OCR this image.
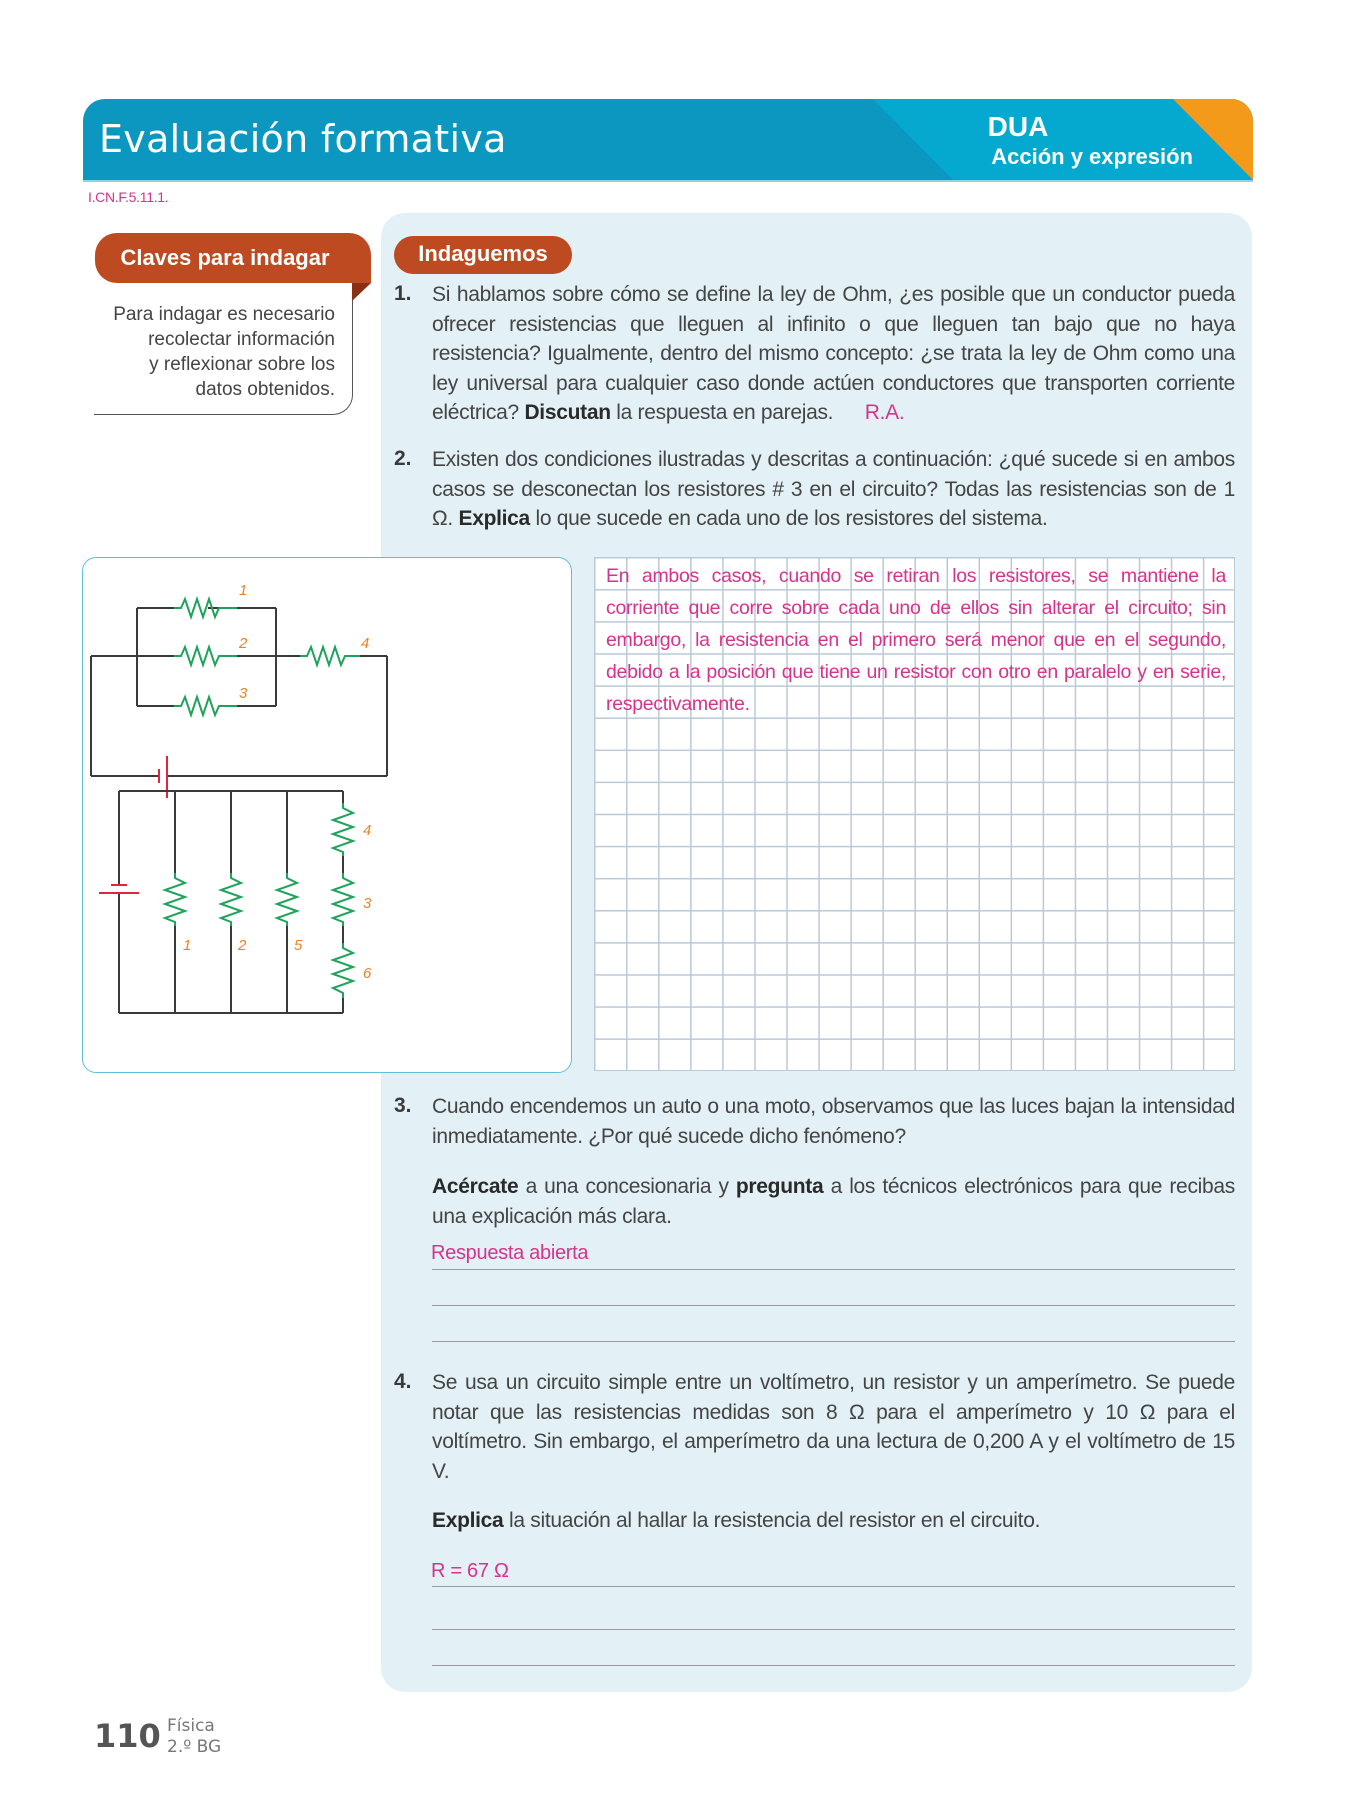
Evaluación formativa	DUA
Acción y expresión
I.CN.F.5.11.1.
Claves para indagar
Para indagar es necesario
recolectar información
y reflexionar sobre los
datos obtenidos.
Indaguemos
1. Si hablamos sobre cómo se define la ley de Ohm, ¿es posible que un conductor pueda ofrecer resistencias que lleguen al infinito o que lleguen tan bajo que no haya resistencia? Igualmente, dentro del mismo concepto: ¿se trata la ley de Ohm como una ley universal para cualquier caso donde actúen conductores que transporten corriente eléctrica? Discutan la respuesta en parejas. R.A.
2. Existen dos condiciones ilustradas y descritas a continuación: ¿qué sucede si en ambos casos se desconectan los resistores # 3 en el circuito? Todas las resistencias son de 1 Ω. Explica lo que sucede en cada uno de los resistores del sistema.
1
2
3
4
1	2	5
4
3
6
En ambos casos, cuando se retiran los resistores, se mantiene la corriente que corre sobre cada uno de ellos sin alterar el circuito; sin embargo, la resistencia en el primero será menor que en el segundo, debido a la posición que tiene un resistor con otro en paralelo y en serie, respectivamente.
3. Cuando encendemos un auto o una moto, observamos que las luces bajan la intensidad inmediatamente. ¿Por qué sucede dicho fenómeno?
Acércate a una concesionaria y pregunta a los técnicos electrónicos para que recibas una explicación más clara.
Respuesta abierta
4. Se usa un circuito simple entre un voltímetro, un resistor y un amperímetro. Se puede notar que las resistencias medidas son 8 Ω para el amperímetro y 10 Ω para el voltímetro. Sin embargo, el amperímetro da una lectura de 0,200 A y el voltímetro de 15 V.
Explica la situación al hallar la resistencia del resistor en el circuito.
R = 67 Ω
110 Física
2.º BG
